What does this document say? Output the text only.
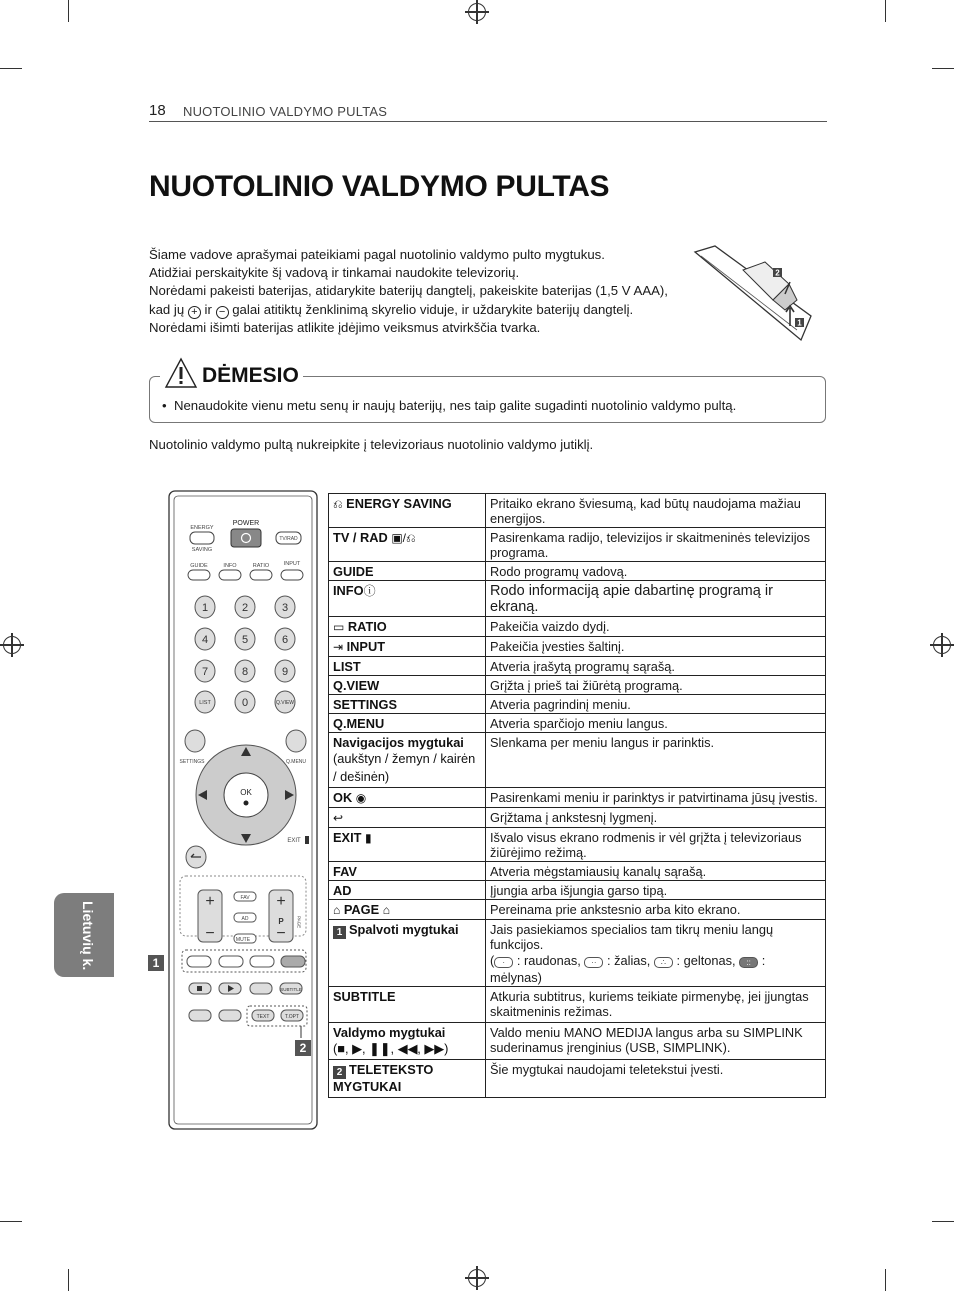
18 NUOTOLINIO VALDYMO PULTAS
NUOTOLINIO VALDYMO PULTAS

Šiame vadove aprašymai pateikiami pagal nuotolinio valdymo pulto mygtukus.

Atidžiai perskaitykite šį vadovą ir tinkamai naudokite televizorių.

Norėdami pakeisti baterijas, atidarykite baterijų dangtelį, pakeiskite baterijas (1,5 V AAA),

kad jų + ir − galai atitiktų ženklinimą skyrelio viduje, ir uždarykite baterijų dangtelį.

Norėdami išimti baterijas atlikite įdėjimo veiksmus atvirkščia tvarka.

2
1
DĖMESIO
• Nenaudokite vienu metu senų ir naujų baterijų, nes taip galite sugadinti nuotolinio valdymo pultą.
Nuotolinio valdymo pultą nukreipkite į televizoriaus nuotolinio valdymo jutiklį.
Lietuvių k.
ENERGY
SAVING
POWER
TV/RAD
GUIDE	INFO	RATIO	INPUT
1	2	3
4	5	6
7	8	9
LIST	0	Q.VIEW
SETTINGS	Q.MENU
OK
EXIT
+
−
+
P
−
FAV
AD
MUTE
PAGE
SUBTITLE
TEXT	T.OPT
1
2
⎌ ENERGY SAVING	Pritaiko ekrano šviesumą, kad būtų naudojama mažiau energijos.
TV / RAD ▣/⎌	Pasirenkama radijo, televizijos ir skaitmeninės televizijos programa.
GUIDE	Rodo programų vadovą.
INFOⓘ	Rodo informaciją apie dabartinę programą ir ekraną.
▭ RATIO	Pakeičia vaizdo dydį.
⇥ INPUT	Pakeičia įvesties šaltinį.
LIST	Atveria įrašytą programų sąrašą.
Q.VIEW	Grįžta į prieš tai žiūrėtą programą.
SETTINGS	Atveria pagrindinį meniu.
Q.MENU	Atveria sparčiojo meniu langus.
Navigacijos mygtukai
(aukštyn / žemyn / kairėn / dešinėn)	Slenkama per meniu langus ir parinktis.
OK ◉	Pasirenkami meniu ir parinktys ir patvirtinama jūsų įvestis.
↩	Grįžtama į ankstesnį lygmenį.
EXIT ▮	Išvalo visus ekrano rodmenis ir vėl grįžta į televizoriaus žiūrėjimo režimą.
FAV	Atveria mėgstamiausių kanalų sąrašą.
AD	Įjungia arba išjungia garso tipą.
⌂ PAGE ⌂	Pereinama prie ankstesnio arba kito ekrano.
1 Spalvoti mygtukai	Jais pasiekiamos specialios tam tikrų meniu langų funkcijos.
( · : raudonas, ·· : žalias, ∴ : geltonas, :: :
mėlynas)

SUBTITLE	Atkuria subtitrus, kuriems teikiate pirmenybę, jei įjungtas skaitmeninis režimas.
Valdymo mygtukai
(■, ▶, ❚❚, ◀◀, ▶▶)	Valdo meniu MANO MEDIJA langus arba su SIMPLINK suderinamus įrenginius (USB, SIMPLINK).
2 TELETEKSTO MYGTUKAI	Šie mygtukai naudojami teletekstui įvesti.
